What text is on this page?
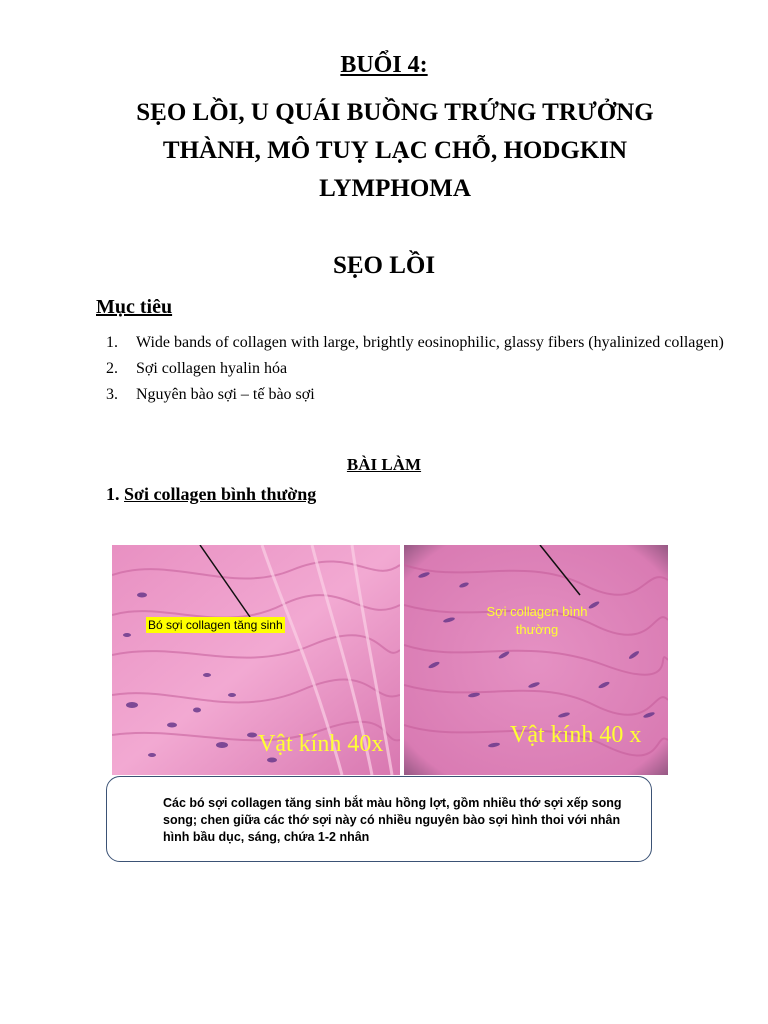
BUỔI 4:
SẸO LỒI, U QUÁI BUỒNG TRỨNG TRƯỞNG THÀNH, MÔ TUỴ LẠC CHỖ, HODGKIN LYMPHOMA
SẸO LỒI
Mục tiêu
1. Wide bands of collagen with large, brightly eosinophilic, glassy fibers (hyalinized collagen)
2. Sợi collagen hyalin hóa
3. Nguyên bào sợi – tế bào sợi
BÀI LÀM
1. Sơi collagen bình thường
Bó sợi collagen tăng sinh
Vật kính 40x
Sợi collagen bình
thường
Vật kính 40 x

Các bó sợi collagen tăng sinh bắt màu hồng lợt, gồm nhiều thớ sợi xếp song song; chen giữa các thớ sợi này có nhiều nguyên bào sợi hình thoi với nhân hình bầu dục, sáng, chứa 1-2 nhân
